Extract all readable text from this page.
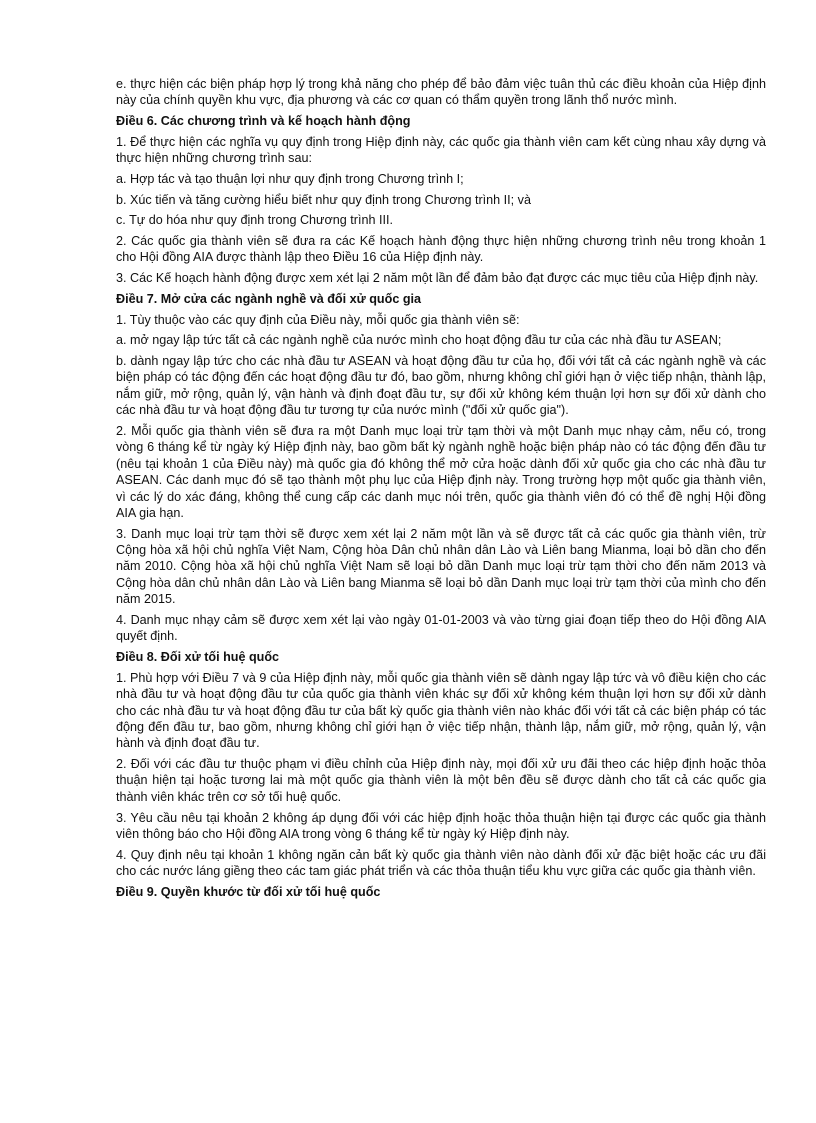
e. thực hiện các biện pháp hợp lý trong khả năng cho phép để bảo đảm việc tuân thủ các điều khoản của Hiệp định này của chính quyền khu vực, địa phương và các cơ quan có thẩm quyền trong lãnh thổ nước mình.

Điều 6. Các chương trình và kế hoạch hành động

1. Để thực hiện các nghĩa vụ quy định trong Hiệp định này, các quốc gia thành viên cam kết cùng nhau xây dựng và thực hiện những chương trình sau:

a. Hợp tác và tạo thuận lợi như quy định trong Chương trình I;

b. Xúc tiến và tăng cường hiểu biết như quy định trong Chương trình II; và

c. Tự do hóa như quy định trong Chương trình III.

2. Các quốc gia thành viên sẽ đưa ra các Kế hoạch hành động thực hiện những chương trình nêu trong khoản 1 cho Hội đồng AIA được thành lập theo Điều 16 của Hiệp định này.

3. Các Kế hoạch hành động được xem xét lại 2 năm một lần để đảm bảo đạt được các mục tiêu của Hiệp định này.

Điều 7. Mở cửa các ngành nghề và đối xử quốc gia

1. Tùy thuộc vào các quy định của Điều này, mỗi quốc gia thành viên sẽ:

a. mở ngay lập tức tất cả các ngành nghề của nước mình cho hoạt động đầu tư của các nhà đầu tư ASEAN;

b. dành ngay lập tức cho các nhà đầu tư ASEAN và hoạt động đầu tư của họ, đối với tất cả các ngành nghề và các biện pháp có tác động đến các hoạt động đầu tư đó, bao gồm, nhưng không chỉ giới hạn ở việc tiếp nhận, thành lập, nắm giữ, mở rộng, quản lý, vận hành và định đoạt đầu tư, sự đối xử không kém thuận lợi hơn sự đối xử dành cho các nhà đầu tư và hoạt động đầu tư tương tự của nước mình ("đối xử quốc gia").

2. Mỗi quốc gia thành viên sẽ đưa ra một Danh mục loại trừ tạm thời và một Danh mục nhạy cảm, nếu có, trong vòng 6 tháng kể từ ngày ký Hiệp định này, bao gồm bất kỳ ngành nghề hoặc biện pháp nào có tác động đến đầu tư (nêu tại khoản 1 của Điều này) mà quốc gia đó không thể mở cửa hoặc dành đối xử quốc gia cho các nhà đầu tư ASEAN. Các danh mục đó sẽ tạo thành một phụ lục của Hiệp định này. Trong trường hợp một quốc gia thành viên, vì các lý do xác đáng, không thể cung cấp các danh mục nói trên, quốc gia thành viên đó có thể đề nghị Hội đồng AIA gia hạn.

3. Danh mục loại trừ tạm thời sẽ được xem xét lại 2 năm một lần và sẽ được tất cả các quốc gia thành viên, trừ Cộng hòa xã hội chủ nghĩa Việt Nam, Cộng hòa Dân chủ nhân dân Lào và Liên bang Mianma, loại bỏ dần cho đến năm 2010. Cộng hòa xã hội chủ nghĩa Việt Nam sẽ loại bỏ dần Danh mục loại trừ tạm thời cho đến năm 2013 và Cộng hòa dân chủ nhân dân Lào và Liên bang Mianma sẽ loại bỏ dần Danh mục loại trừ tạm thời của mình cho đến năm 2015.

4. Danh mục nhạy cảm sẽ được xem xét lại vào ngày 01-01-2003 và vào từng giai đoạn tiếp theo do Hội đồng AIA quyết định.

Điều 8. Đối xử tối huệ quốc

1. Phù hợp với Điều 7 và 9 của Hiệp định này, mỗi quốc gia thành viên sẽ dành ngay lập tức và vô điều kiện cho các nhà đầu tư và hoạt động đầu tư của quốc gia thành viên khác sự đối xử không kém thuận lợi hơn sự đối xử dành cho các nhà đầu tư và hoạt động đầu tư của bất kỳ quốc gia thành viên nào khác đối với tất cả các biện pháp có tác động đến đầu tư, bao gồm, nhưng không chỉ giới hạn ở việc tiếp nhận, thành lập, nắm giữ, mở rộng, quản lý, vận hành và định đoạt đầu tư.

2. Đối với các đầu tư thuộc phạm vi điều chỉnh của Hiệp định này, mọi đối xử ưu đãi theo các hiệp định hoặc thỏa thuận hiện tại hoặc tương lai mà một quốc gia thành viên là một bên đều sẽ được dành cho tất cả các quốc gia thành viên khác trên cơ sở tối huệ quốc.

3. Yêu cầu nêu tại khoản 2 không áp dụng đối với các hiệp định hoặc thỏa thuận hiện tại được các quốc gia thành viên thông báo cho Hội đồng AIA trong vòng 6 tháng kể từ ngày ký Hiệp định này.

4. Quy định nêu tại khoản 1 không ngăn cản bất kỳ quốc gia thành viên nào dành đối xử đặc biệt hoặc các ưu đãi cho các nước láng giềng theo các tam giác phát triển và các thỏa thuận tiểu khu vực giữa các quốc gia thành viên.

Điều 9. Quyền khước từ đối xử tối huệ quốc
